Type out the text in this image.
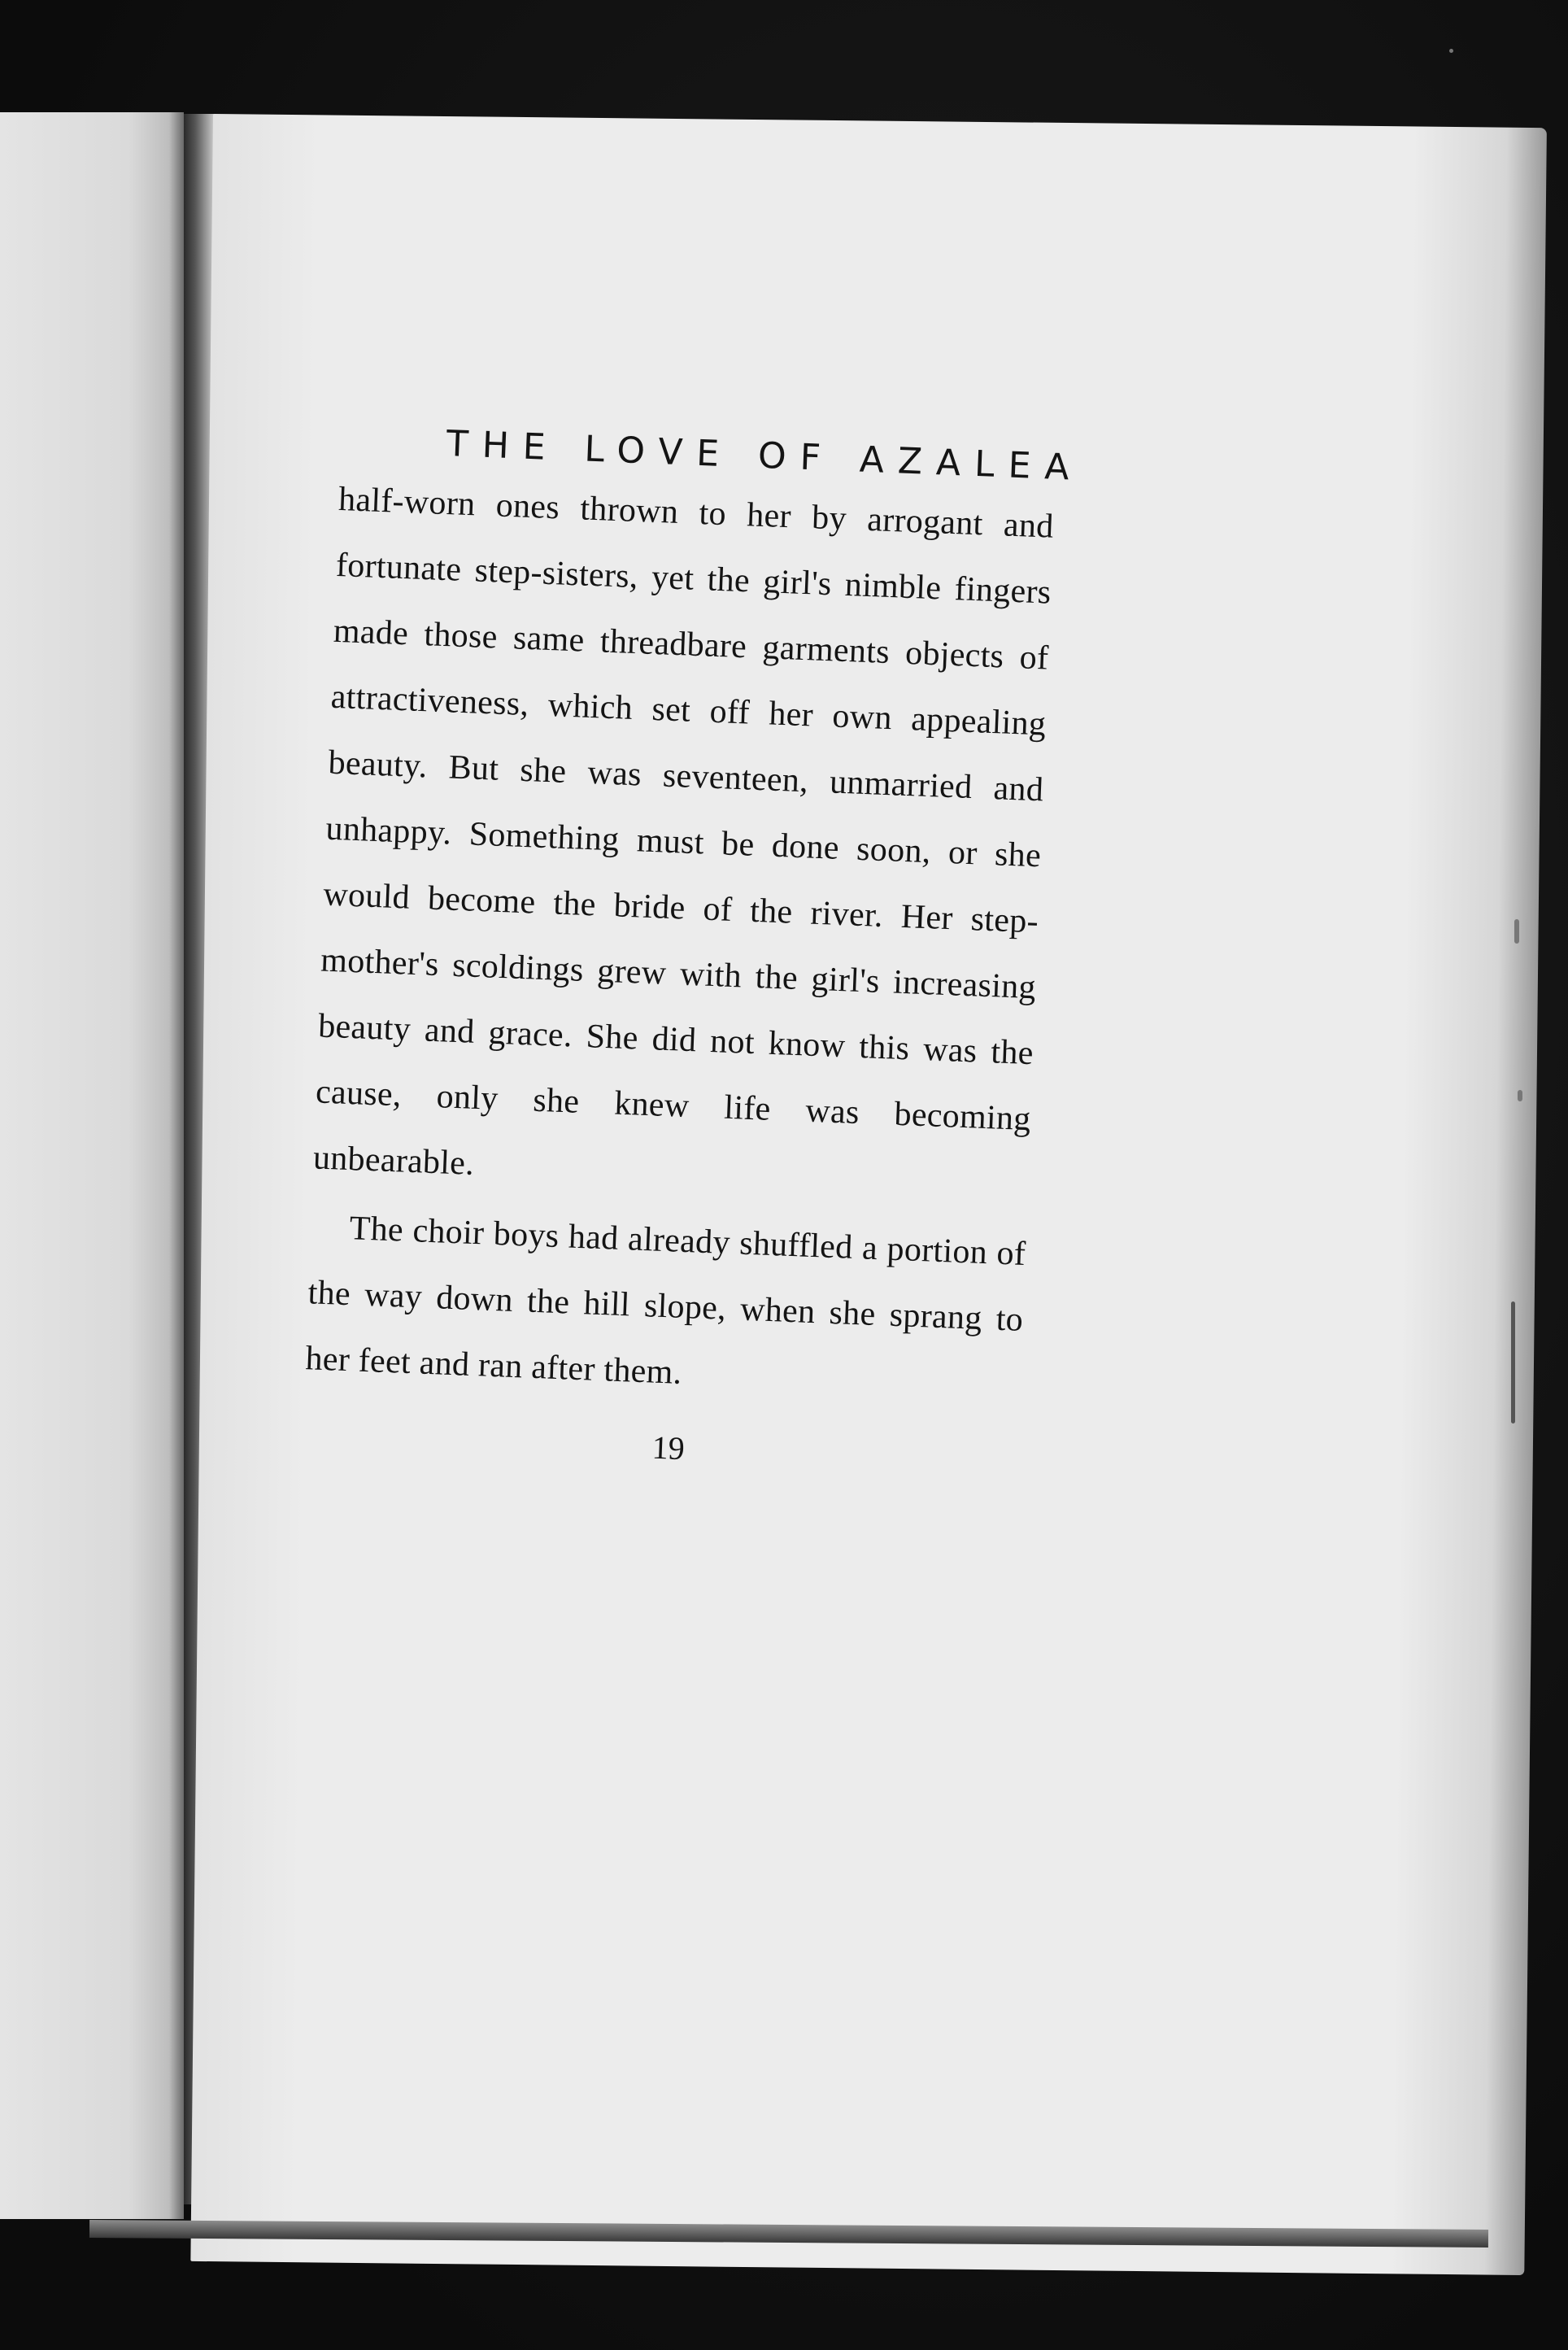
THE LOVE OF AZALEA

half-worn ones thrown to her by arrogant and fortunate step-sisters, yet the girl's nimble fingers made those same threadbare garments objects of attractiveness, which set off her own appealing beauty. But she was seventeen, unmarried and unhappy. Something must be done soon, or she would become the bride of the river. Her step-mother's scoldings grew with the girl's increasing beauty and grace. She did not know this was the cause, only she knew life was becoming unbearable.

The choir boys had already shuffled a portion of the way down the hill slope, when she sprang to her feet and ran after them.

19
